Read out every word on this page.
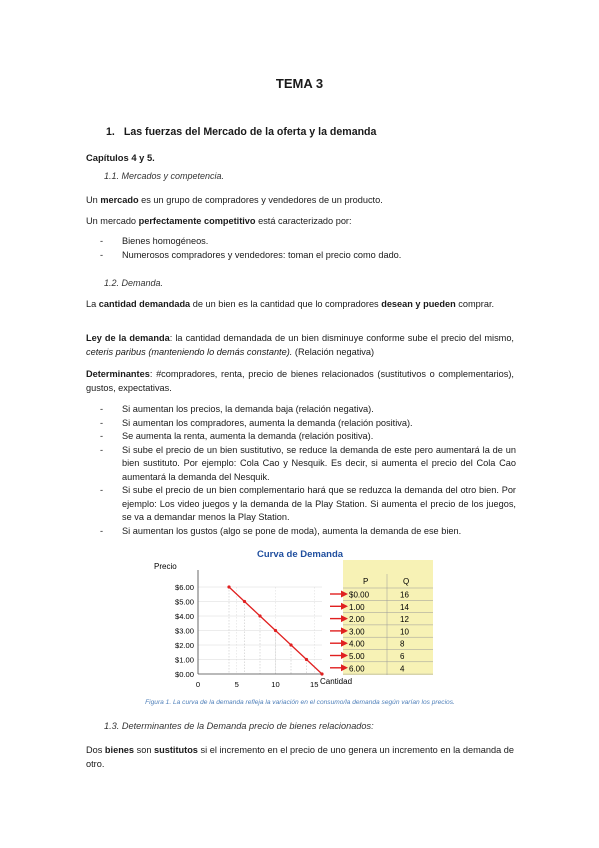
TEMA 3
1. Las fuerzas del Mercado de la oferta y la demanda
Capítulos 4 y 5.
1.1. Mercados y competencia.
Un mercado es un grupo de compradores y vendedores de un producto.
Un mercado perfectamente competitivo está caracterizado por:
- Bienes homogéneos.
- Numerosos compradores y vendedores: toman el precio como dado.
1.2. Demanda.
La cantidad demandada de un bien es la cantidad que lo compradores desean y pueden comprar.
Ley de la demanda: la cantidad demandada de un bien disminuye conforme sube el precio del mismo, ceteris paribus (manteniendo lo demás constante). (Relación negativa)
Determinantes: #compradores, renta, precio de bienes relacionados (sustitutivos o complementarios), gustos, expectativas.
- Si aumentan los precios, la demanda baja (relación negativa).
- Si aumentan los compradores, aumenta la demanda (relación positiva).
- Se aumenta la renta, aumenta la demanda (relación positiva).
- Si sube el precio de un bien sustitutivo, se reduce la demanda de este pero aumentará la de un bien sustituto. Por ejemplo: Cola Cao y Nesquik. Es decir, si aumenta el precio del Cola Cao aumentará la demanda del Nesquik.
- Si sube el precio de un bien complementario hará que se reduzca la demanda del otro bien. Por ejemplo: Los video juegos y la demanda de la Play Station. Si aumenta el precio de los juegos, se va a demandar menos la Play Station.
- Si aumentan los gustos (algo se pone de moda), aumenta la demanda de ese bien.
Curva de Demanda
Precio
$6.00
$5.00
$4.00
$3.00
$2.00
$1.00
$0.00
0	5	10	15 Cantidad
P	Q
$0.00	16
1.00	14
2.00	12
3.00	10
4.00	8
5.00	6
6.00	4
Figura 1. La curva de la demanda refleja la variación en el consumo/la demanda según varían los precios.
1.3. Determinantes de la Demanda precio de bienes relacionados:
Dos bienes son sustitutos si el incremento en el precio de uno genera un incremento en la demanda de otro.
